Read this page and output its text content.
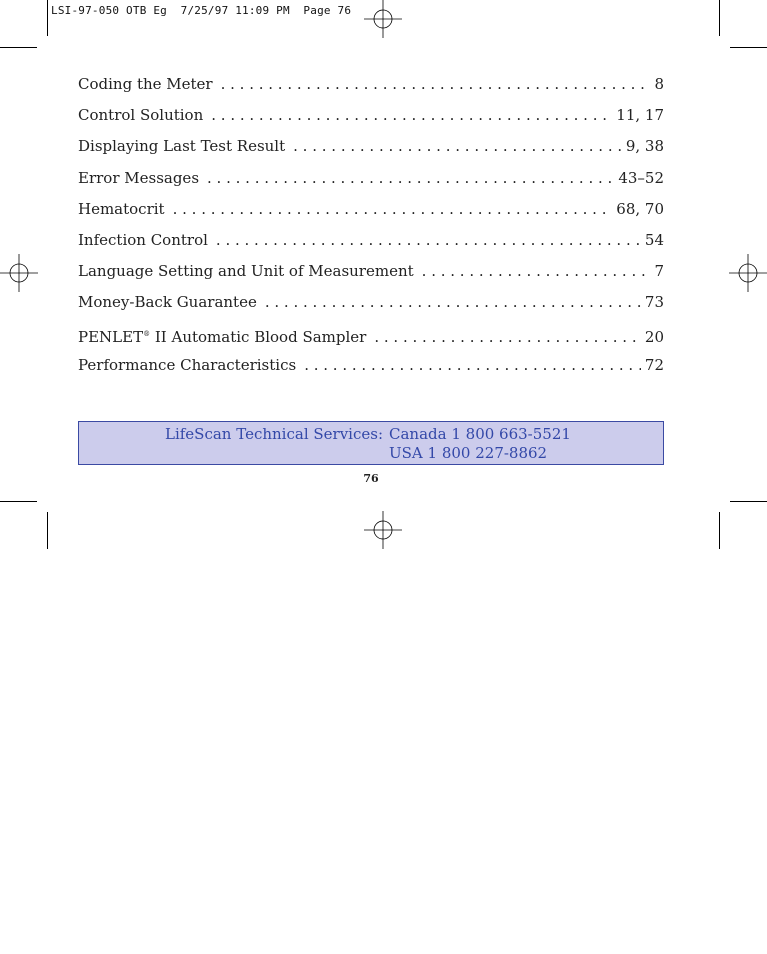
LSI-97-050 OTB Eg  7/25/97 11:09 PM  Page 76
Coding the Meter . . .	8
Control Solution . . .	11, 17
Displaying Last Test Result . . .	9, 38
Error Messages . . .	43–52
Hematocrit . . .	68, 70
Infection Control . . .	54
Language Setting and Unit of Measurement . . .	7
Money-Back Guarantee . . .	73
PENLET® II Automatic Blood Sampler . . .	20
Performance Characteristics . . .	72
LifeScan Technical Services: Canada 1 800 663-5521
USA 1 800 227-8862
76
